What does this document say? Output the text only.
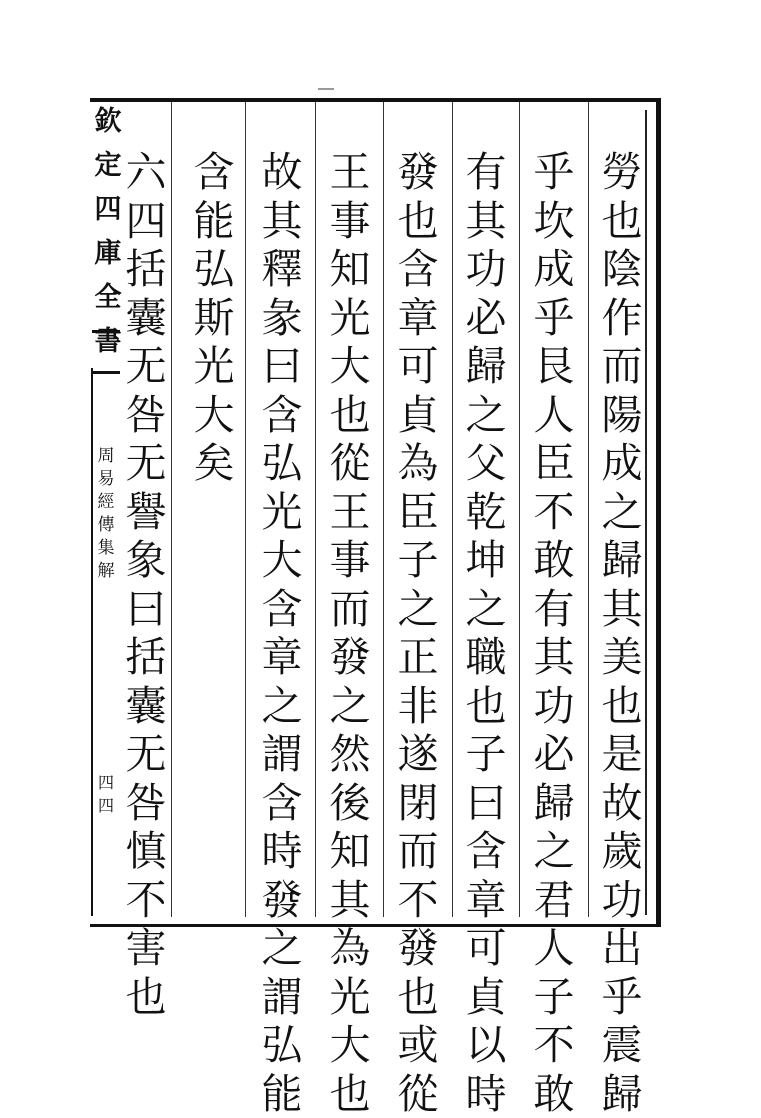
欽
定
四
庫
全
書
周
易
經
傳
集
解
四四
勞
也
陰
作
而
陽
成
之
歸
其
美
也
是
故
歲
功
出
乎
震
歸
乎
坎
成
乎
艮
人
臣
不
敢
有
其
功
必
歸
之
君
人
子
不
敢
有
其
功
必
歸
之
父
乾
坤
之
職
也
子
曰
含
章
可
貞
以
時
發
也
含
章
可
貞
為
臣
子
之
正
非
遂
閉
而
不
發
也
或
從
王
事
知
光
大
也
從
王
事
而
發
之
然
後
知
其
為
光
大
也
故
其
釋
彖
曰
含
弘
光
大
含
章
之
謂
含
時
發
之
謂
弘
能
含
能
弘
斯
光
大
矣
六
四
括
囊
无
咎
无
譽
象
曰
括
囊
无
咎
慎
不
害
也
